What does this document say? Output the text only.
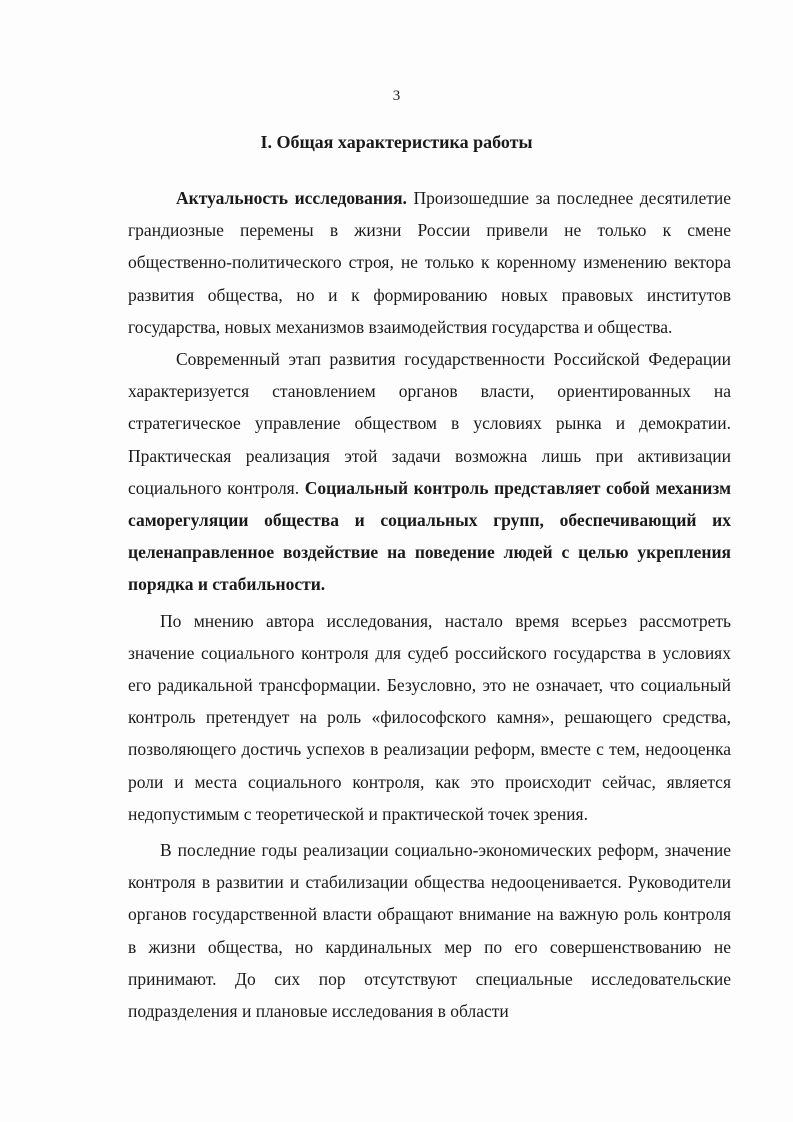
3
I. Общая характеристика работы

Актуальность исследования. Произошедшие за последнее десятилетие грандиозные перемены в жизни России привели не только к смене общественно-политического строя, не только к коренному изменению вектора развития общества, но и к формированию новых правовых институтов государства, новых механизмов взаимодействия государства и общества.

Современный этап развития государственности Российской Федерации характеризуется становлением органов власти, ориентированных на стратегическое управление обществом в условиях рынка и демократии. Практическая реализация этой задачи возможна лишь при активизации социального контроля. Социальный контроль представляет собой механизм саморегуляции общества и социальных групп, обеспечивающий их целенаправленное воздействие на поведение людей с целью укрепления порядка и стабильности.

По мнению автора исследования, настало время всерьез рассмотреть значение социального контроля для судеб российского государства в условиях его радикальной трансформации. Безусловно, это не означает, что социальный контроль претендует на роль «философского камня», решающего средства, позволяющего достичь успехов в реализации реформ, вместе с тем, недооценка роли и места социального контроля, как это происходит сейчас, является недопустимым с теоретической и практической точек зрения.

В последние годы реализации социально-экономических реформ, значение контроля в развитии и стабилизации общества недооценивается. Руководители органов государственной власти обращают внимание на важную роль контроля в жизни общества, но кардинальных мер по его совершенствованию не принимают. До сих пор отсутствуют специальные исследовательские подразделения и плановые исследования в области
